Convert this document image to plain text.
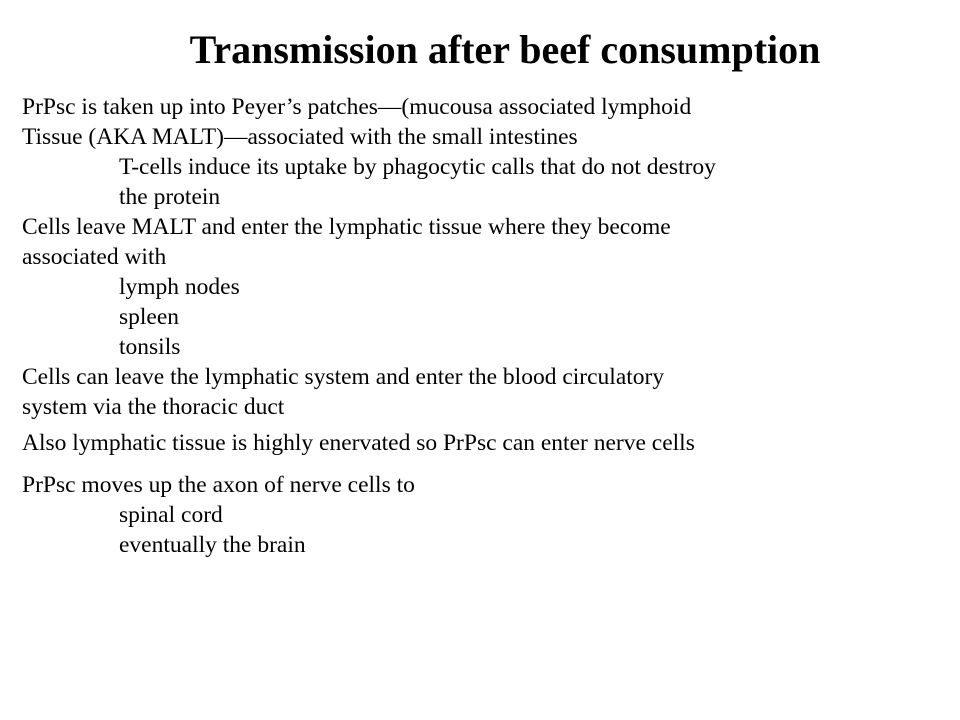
Transmission after beef consumption

PrPsc is taken up into Peyer’s patches—(mucousa associated lymphoid

Tissue (AKA MALT)—associated with the small intestines

T-cells induce its uptake by phagocytic calls that do not destroy

the protein

Cells leave MALT and enter the lymphatic tissue where they become

associated with

lymph nodes

spleen

tonsils

Cells can leave the lymphatic system and enter the blood circulatory

system via the thoracic duct

Also lymphatic tissue is highly enervated so PrPsc can enter nerve cells

PrPsc moves up the axon of nerve cells to

spinal cord

eventually the brain
